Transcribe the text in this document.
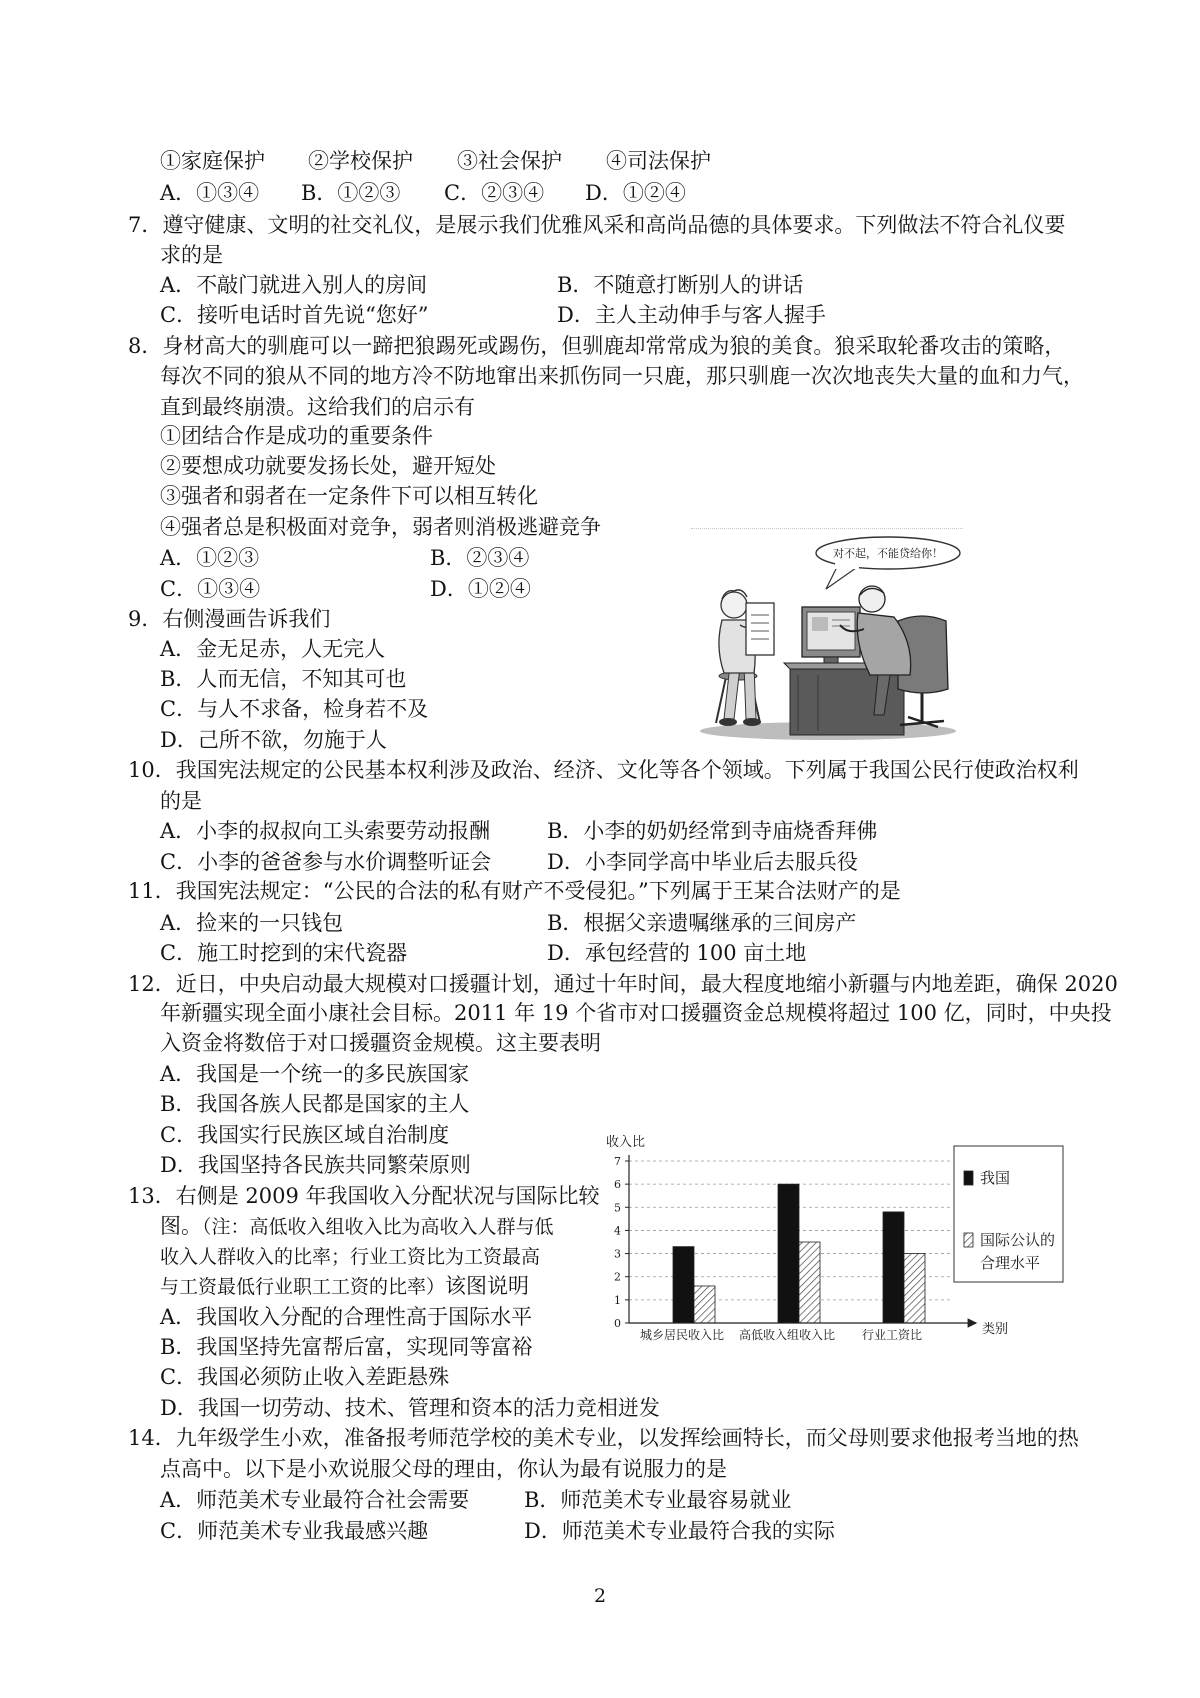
①家庭保护 ②学校保护 ③社会保护 ④司法保护
A．①③④ B．①②③ C．②③④ D．①②④
7．遵守健康、文明的社交礼仪，是展示我们优雅风采和高尚品德的具体要求。下列做法不符合礼仪要
求的是
A．不敲门就进入别人的房间	B．不随意打断别人的讲话
C．接听电话时首先说“您好”	D．主人主动伸手与客人握手
8．身材高大的驯鹿可以一蹄把狼踢死或踢伤，但驯鹿却常常成为狼的美食。狼采取轮番攻击的策略，
每次不同的狼从不同的地方冷不防地窜出来抓伤同一只鹿，那只驯鹿一次次地丧失大量的血和力气，
直到最终崩溃。这给我们的启示有
①团结合作是成功的重要条件
②要想成功就要发扬长处，避开短处
③强者和弱者在一定条件下可以相互转化
④强者总是积极面对竞争，弱者则消极逃避竞争
A．①②③	B．②③④
C．①③④	D．①②④
9．右侧漫画告诉我们
A．金无足赤，人无完人
B．人而无信，不知其可也
C．与人不求备，检身若不及
D．己所不欲，勿施于人
对不起，不能贷给你！
10．我国宪法规定的公民基本权利涉及政治、经济、文化等各个领域。下列属于我国公民行使政治权利
的是
A．小李的叔叔向工头索要劳动报酬	B．小李的奶奶经常到寺庙烧香拜佛
C．小李的爸爸参与水价调整听证会	D．小李同学高中毕业后去服兵役
11．我国宪法规定：“公民的合法的私有财产不受侵犯。”下列属于王某合法财产的是
A．捡来的一只钱包	B．根据父亲遗嘱继承的三间房产
C．施工时挖到的宋代瓷器	D．承包经营的 100 亩土地
12．近日，中央启动最大规模对口援疆计划，通过十年时间，最大程度地缩小新疆与内地差距，确保 2020
年新疆实现全面小康社会目标。2011 年 19 个省市对口援疆资金总规模将超过 100 亿，同时，中央投
入资金将数倍于对口援疆资金规模。这主要表明
A．我国是一个统一的多民族国家
B．我国各族人民都是国家的主人
C．我国实行民族区域自治制度
D．我国坚持各民族共同繁荣原则
13．右侧是 2009 年我国收入分配状况与国际比较
图。（注：高低收入组收入比为高收入人群与低
收入人群收入的比率；行业工资比为工资最高
与工资最低行业职工工资的比率）该图说明
A．我国收入分配的合理性高于国际水平
B．我国坚持先富帮后富，实现同等富裕
C．我国必须防止收入差距悬殊
D．我国一切劳动、技术、管理和资本的活力竞相迸发
0
1
2
3
4
5
6
7
收入比
类别
城乡居民收入比 高低收入组收入比 行业工资比
我国
国际公认的
合理水平
14．九年级学生小欢，准备报考师范学校的美术专业，以发挥绘画特长，而父母则要求他报考当地的热
点高中。以下是小欢说服父母的理由，你认为最有说服力的是
A．师范美术专业最符合社会需要	B．师范美术专业最容易就业
C．师范美术专业我最感兴趣	D．师范美术专业最符合我的实际
2
